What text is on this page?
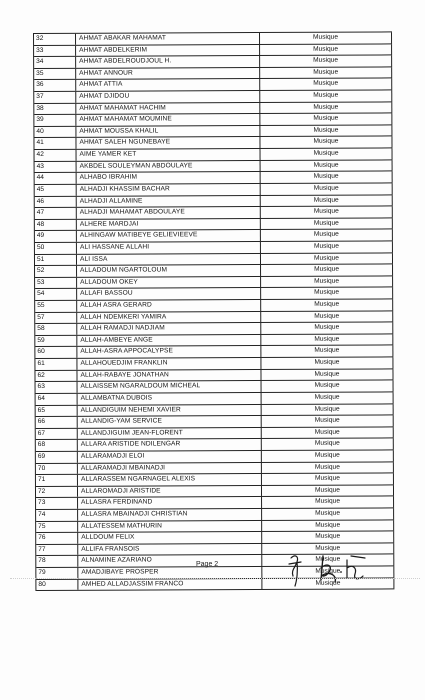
32	AHMAT ABAKAR MAHAMAT	Musique
33	AHMAT ABDELKERIM	Musique
34	AHMAT ABDELROUDJOUL H.	Musique
35	AHMAT ANNOUR	Musique
36	AHMAT ATTIA	Musique
37	AHMAT DJIDOU	Musique
38	AHMAT MAHAMAT HACHIM	Musique
39	AHMAT MAHAMAT MOUMINE	Musique
40	AHMAT MOUSSA KHALIL	Musique
41	AHMAT SALEH NGUNEBAYE	Musique
42	AIME YAMER KET	Musique
43	AKBDEL SOULEYMAN ABDOULAYE	Musique
44	ALHABO IBRAHIM	Musique
45	ALHADJI KHASSIM BACHAR	Musique
46	ALHADJI ALLAMINE	Musique
47	ALHADJI MAHAMAT ABDOULAYE	Musique
48	ALHERE MARDJAI	Musique
49	ALHINGAW MATIBEYE GELIEVIEEVE	Musique
50	ALI HASSANE ALLAHI	Musique
51	ALI ISSA	Musique
52	ALLADOUM NGARTOLOUM	Musique
53	ALLADOUM OKEY	Musique
54	ALLAFI BASSOU	Musique
55	ALLAH ASRA GERARD	Musique
57	ALLAH NDEMKERI YAMIRA	Musique
58	ALLAH RAMADJI NADJIAM	Musique
59	ALLAH-AMBEYE ANGE	Musique
60	ALLAH-ASRA APPOCALYPSE	Musique
61	ALLAHOUEDJIM FRANKLIN	Musique
62	ALLAH-RABAYE JONATHAN	Musique
63	ALLAISSEM NGARALDOUM MICHEAL	Musique
64	ALLAMBATNA DUBOIS	Musique
65	ALLANDIGUIM NEHEMI XAVIER	Musique
66	ALLANDIG-YAM SERVICE	Musique
67	ALLANDJIGUIM JEAN-FLORENT	Musique
68	ALLARA ARISTIDE NDILENGAR	Musique
69	ALLARAMADJI ELOI	Musique
70	ALLARAMADJI MBAINADJI	Musique
71	ALLARASSEM NGARNAGEL ALEXIS	Musique
72	ALLAROMADJI ARISTIDE	Musique
73	ALLASRA FERDINAND	Musique
74	ALLASRA MBAINADJI CHRISTIAN	Musique
75	ALLATESSEM MATHURIN	Musique
76	ALLDOUM FELIX	Musique
77	ALLIFA FRANSOIS	Musique
78	ALNAMINE AZARIANO	Musique
79	AMADJIBAYE PROSPER	Musique
80	AMHED ALLADJASSIM FRANCO	Musique
Page 2
